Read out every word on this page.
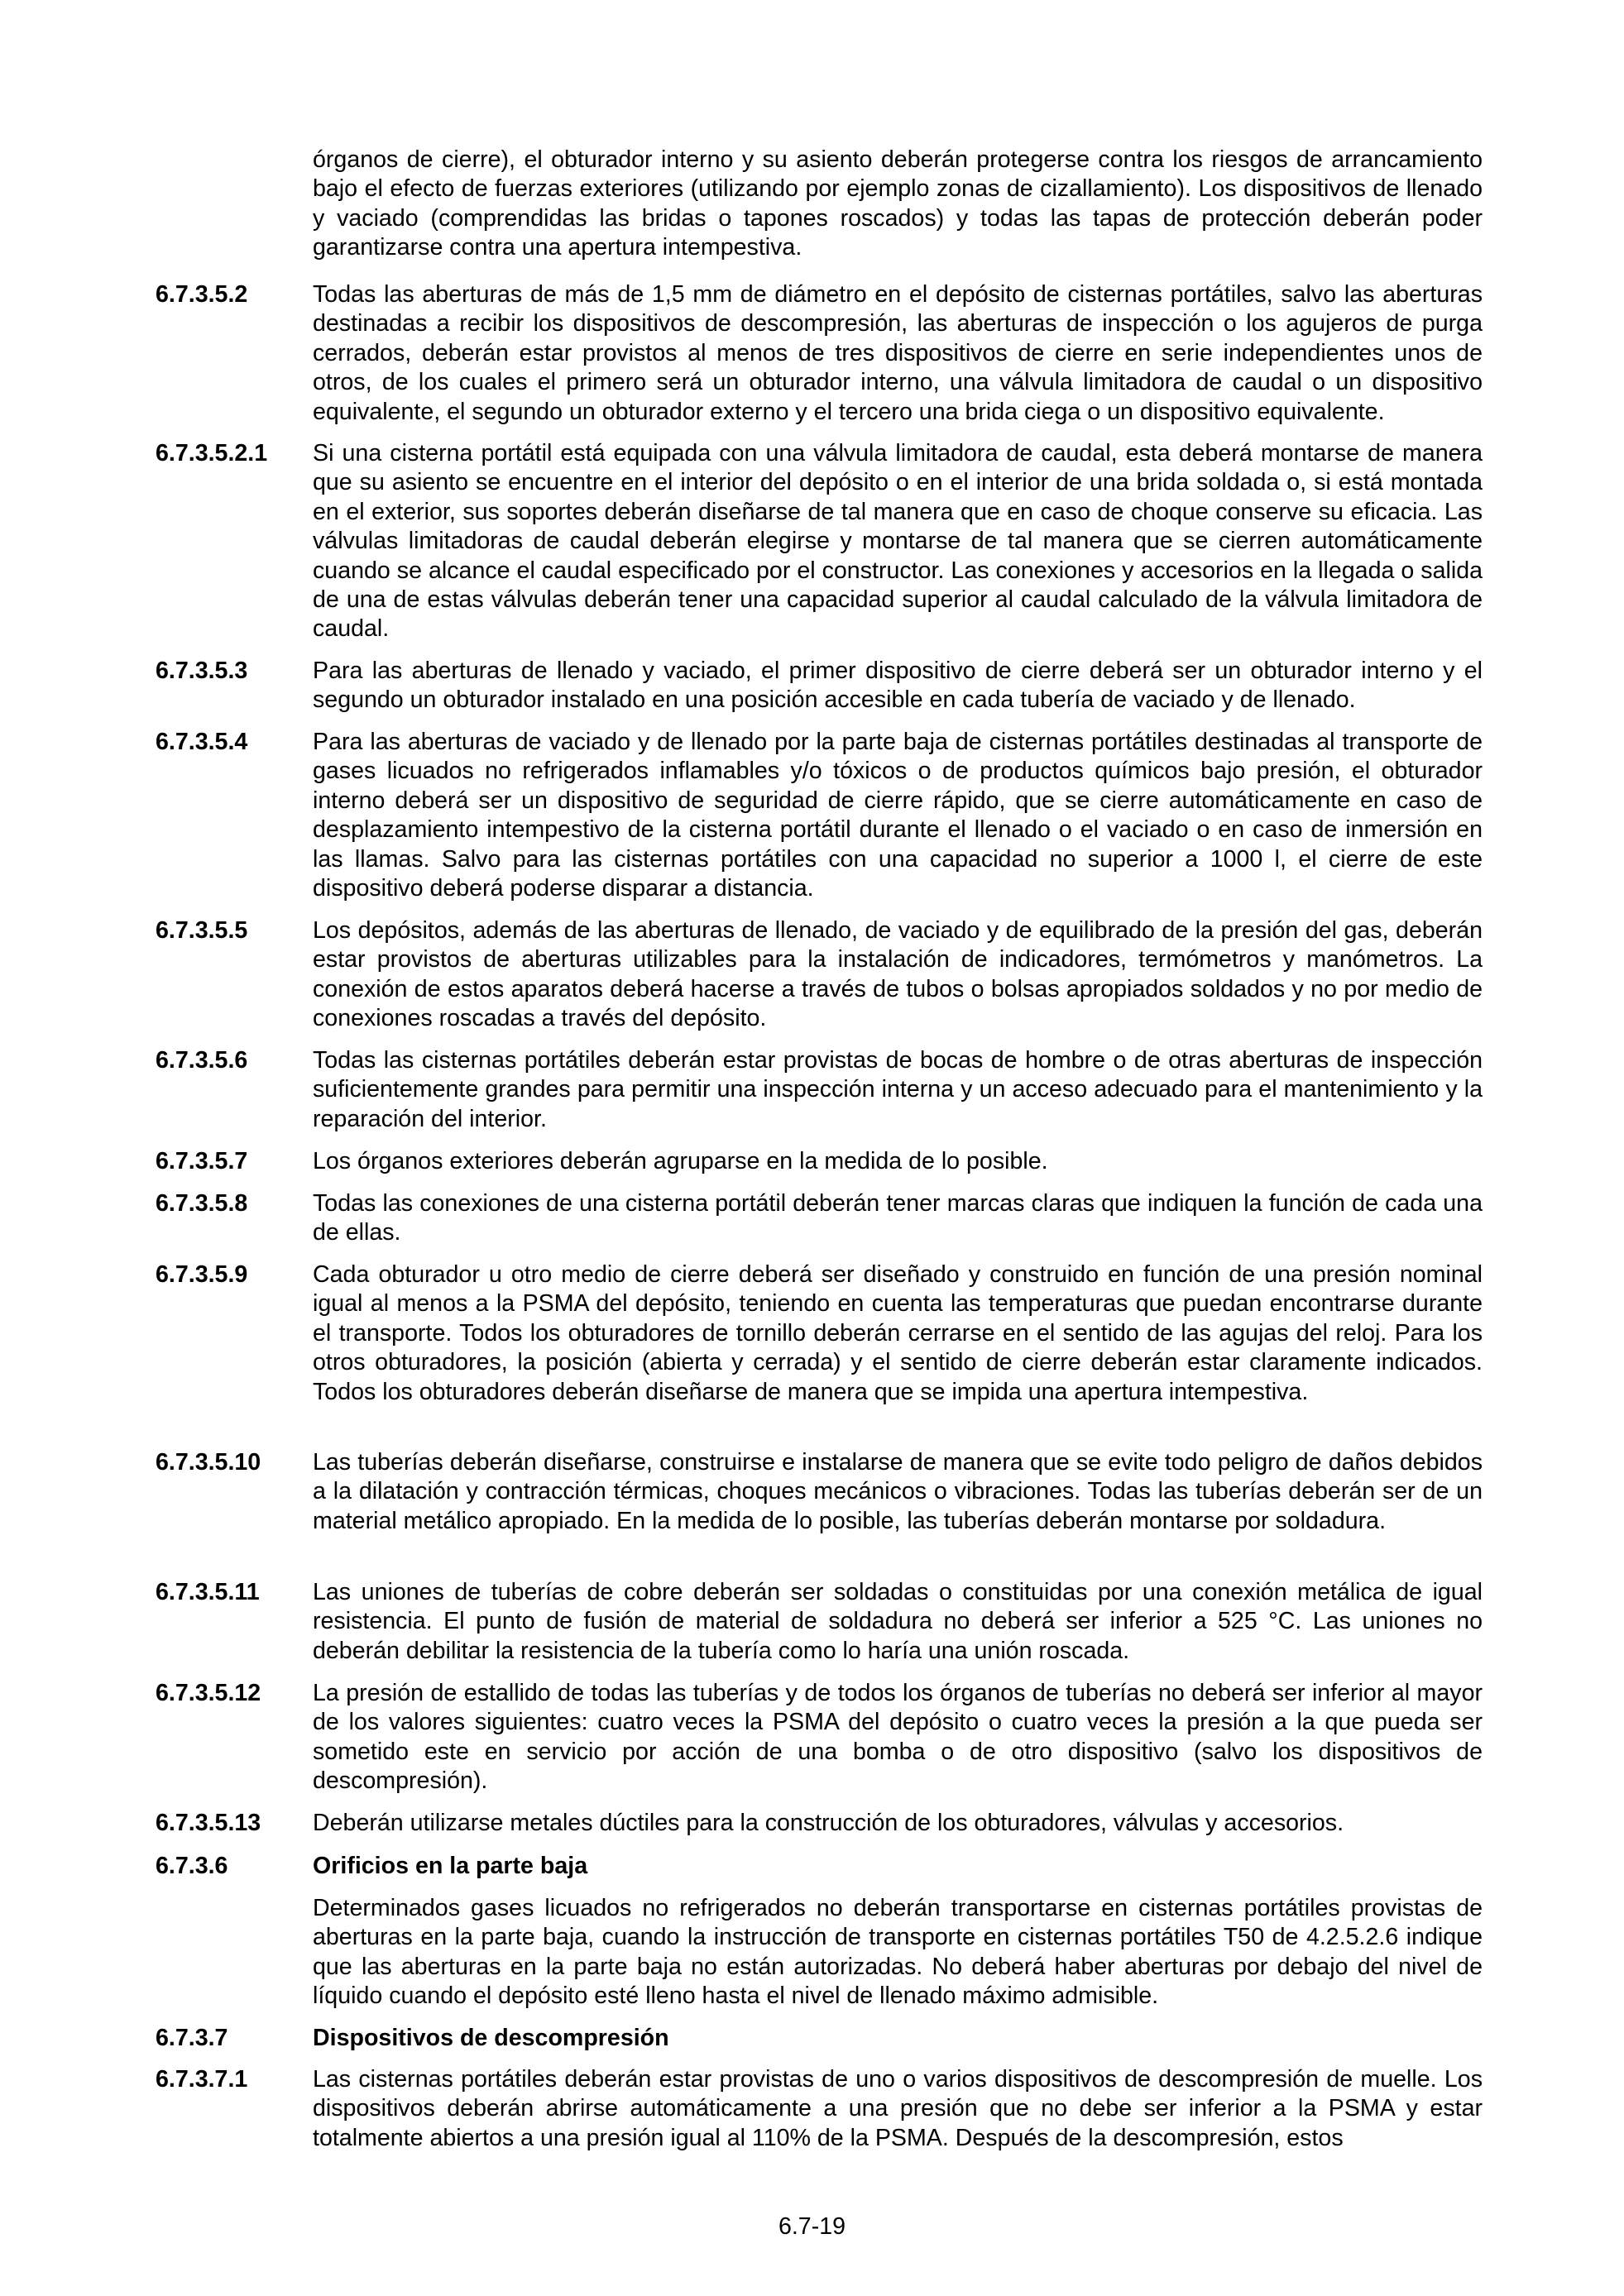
órganos de cierre), el obturador interno y su asiento deberán protegerse contra los riesgos de arrancamiento bajo el efecto de fuerzas exteriores (utilizando por ejemplo zonas de cizallamiento). Los dispositivos de llenado y vaciado (comprendidas las bridas o tapones roscados) y todas las tapas de protección deberán poder garantizarse contra una apertura intempestiva.

6.7.3.5.2	Todas las aberturas de más de 1,5 mm de diámetro en el depósito de cisternas portátiles, salvo las aberturas destinadas a recibir los dispositivos de descompresión, las aberturas de inspección o los agujeros de purga cerrados, deberán estar provistos al menos de tres dispositivos de cierre en serie independientes unos de otros, de los cuales el primero será un obturador interno, una válvula limitadora de caudal o un dispositivo equivalente, el segundo un obturador externo y el tercero una brida ciega o un dispositivo equivalente.

6.7.3.5.2.1 Si una cisterna portátil está equipada con una válvula limitadora de caudal, esta deberá montarse de manera que su asiento se encuentre en el interior del depósito o en el interior de una brida soldada o, si está montada en el exterior, sus soportes deberán diseñarse de tal manera que en caso de choque conserve su eficacia. Las válvulas limitadoras de caudal deberán elegirse y montarse de tal manera que se cierren automáticamente cuando se alcance el caudal especificado por el constructor. Las conexiones y accesorios en la llegada o salida de una de estas válvulas deberán tener una capacidad superior al caudal calculado de la válvula limitadora de caudal.

6.7.3.5.3	Para las aberturas de llenado y vaciado, el primer dispositivo de cierre deberá ser un obturador interno y el segundo un obturador instalado en una posición accesible en cada tubería de vaciado y de llenado.

6.7.3.5.4	Para las aberturas de vaciado y de llenado por la parte baja de cisternas portátiles destinadas al transporte de gases licuados no refrigerados inflamables y/o tóxicos o de productos químicos bajo presión, el obturador interno deberá ser un dispositivo de seguridad de cierre rápido, que se cierre automáticamente en caso de desplazamiento intempestivo de la cisterna portátil durante el llenado o el vaciado o en caso de inmersión en las llamas. Salvo para las cisternas portátiles con una capacidad no superior a 1000 l, el cierre de este dispositivo deberá poderse disparar a distancia.

6.7.3.5.5	Los depósitos, además de las aberturas de llenado, de vaciado y de equilibrado de la presión del gas, deberán estar provistos de aberturas utilizables para la instalación de indicadores, termómetros y manómetros. La conexión de estos aparatos deberá hacerse a través de tubos o bolsas apropiados soldados y no por medio de conexiones roscadas a través del depósito.

6.7.3.5.6	Todas las cisternas portátiles deberán estar provistas de bocas de hombre o de otras aberturas de inspección suficientemente grandes para permitir una inspección interna y un acceso adecuado para el mantenimiento y la reparación del interior.

6.7.3.5.7	Los órganos exteriores deberán agruparse en la medida de lo posible.

6.7.3.5.8	Todas las conexiones de una cisterna portátil deberán tener marcas claras que indiquen la función de cada una de ellas.

6.7.3.5.9	Cada obturador u otro medio de cierre deberá ser diseñado y construido en función de una presión nominal igual al menos a la PSMA del depósito, teniendo en cuenta las temperaturas que puedan encontrarse durante el transporte. Todos los obturadores de tornillo deberán cerrarse en el sentido de las agujas del reloj. Para los otros obturadores, la posición (abierta y cerrada) y el sentido de cierre deberán estar claramente indicados. Todos los obturadores deberán diseñarse de manera que se impida una apertura intempestiva.

6.7.3.5.10 Las tuberías deberán diseñarse, construirse e instalarse de manera que se evite todo peligro de daños debidos a la dilatación y contracción térmicas, choques mecánicos o vibraciones. Todas las tuberías deberán ser de un material metálico apropiado. En la medida de lo posible, las tuberías deberán montarse por soldadura.

6.7.3.5.11 Las uniones de tuberías de cobre deberán ser soldadas o constituidas por una conexión metálica de igual resistencia. El punto de fusión de material de soldadura no deberá ser inferior a 525 °C. Las uniones no deberán debilitar la resistencia de la tubería como lo haría una unión roscada.

6.7.3.5.12 La presión de estallido de todas las tuberías y de todos los órganos de tuberías no deberá ser inferior al mayor de los valores siguientes: cuatro veces la PSMA del depósito o cuatro veces la presión a la que pueda ser sometido este en servicio por acción de una bomba o de otro dispositivo (salvo los dispositivos de descompresión).

6.7.3.5.13 Deberán utilizarse metales dúctiles para la construcción de los obturadores, válvulas y accesorios.

6.7.3.6	Orificios en la parte baja

Determinados gases licuados no refrigerados no deberán transportarse en cisternas portátiles provistas de aberturas en la parte baja, cuando la instrucción de transporte en cisternas portátiles T50 de 4.2.5.2.6 indique que las aberturas en la parte baja no están autorizadas. No deberá haber aberturas por debajo del nivel de líquido cuando el depósito esté lleno hasta el nivel de llenado máximo admisible.

6.7.3.7	Dispositivos de descompresión

6.7.3.7.1	Las cisternas portátiles deberán estar provistas de uno o varios dispositivos de descompresión de muelle. Los dispositivos deberán abrirse automáticamente a una presión que no debe ser inferior a la PSMA y estar totalmente abiertos a una presión igual al 110% de la PSMA. Después de la descompresión, estos

6.7-19
